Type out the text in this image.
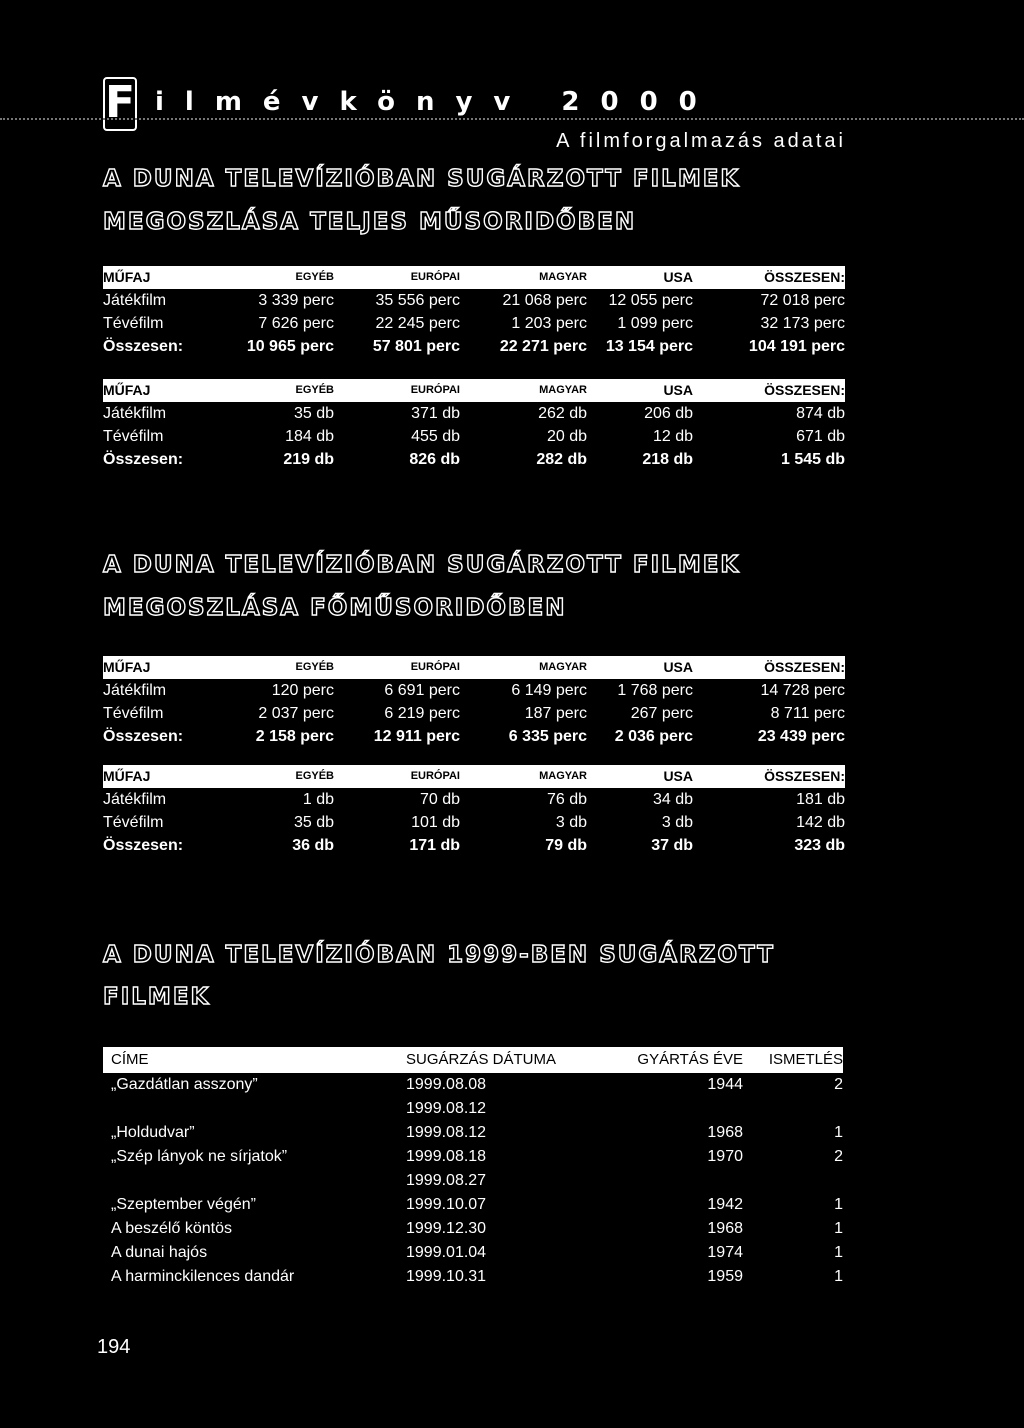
F ilmévkönyv 2000
A filmforgalmazás adatai
A DUNA TELEVÍZIÓBAN SUGÁRZOTT FILMEK
MEGOSZLÁSA TELJES MŰSORIDŐBEN
MŰFAJ	EGYÉB	EURÓPAI	MAGYAR	USA	ÖSSZESEN:
Játékfilm	3 339 perc	35 556 perc	21 068 perc	12 055 perc	72 018 perc
Tévéfilm	7 626 perc	22 245 perc	1 203 perc	1 099 perc	32 173 perc
Összesen:	10 965 perc	57 801 perc	22 271 perc	13 154 perc	104 191 perc
MŰFAJ	EGYÉB	EURÓPAI	MAGYAR	USA	ÖSSZESEN:
Játékfilm	35 db	371 db	262 db	206 db	874 db
Tévéfilm	184 db	455 db	20 db	12 db	671 db
Összesen:	219 db	826 db	282 db	218 db	1 545 db
A DUNA TELEVÍZIÓBAN SUGÁRZOTT FILMEK
MEGOSZLÁSA FŐMŰSORIDŐBEN
MŰFAJ	EGYÉB	EURÓPAI	MAGYAR	USA	ÖSSZESEN:
Játékfilm	120 perc	6 691 perc	6 149 perc	1 768 perc	14 728 perc
Tévéfilm	2 037 perc	6 219 perc	187 perc	267 perc	8 711 perc
Összesen:	2 158 perc	12 911 perc	6 335 perc	2 036 perc	23 439 perc
MŰFAJ	EGYÉB	EURÓPAI	MAGYAR	USA	ÖSSZESEN:
Játékfilm	1 db	70 db	76 db	34 db	181 db
Tévéfilm	35 db	101 db	3 db	3 db	142 db
Összesen:	36 db	171 db	79 db	37 db	323 db
A DUNA TELEVÍZIÓBAN 1999-BEN SUGÁRZOTT
FILMEK
CÍME	SUGÁRZÁS DÁTUMA	GYÁRTÁS ÉVE	ISMETLÉS
„Gazdátlan asszony”	1999.08.08	1944	2
	1999.08.12		
„Holdudvar”	1999.08.12	1968	1
„Szép lányok ne sírjatok”	1999.08.18	1970	2
	1999.08.27		
„Szeptember végén”	1999.10.07	1942	1
A beszélő köntös	1999.12.30	1968	1
A dunai hajós	1999.01.04	1974	1
A harminckilences dandár	1999.10.31	1959	1
194
